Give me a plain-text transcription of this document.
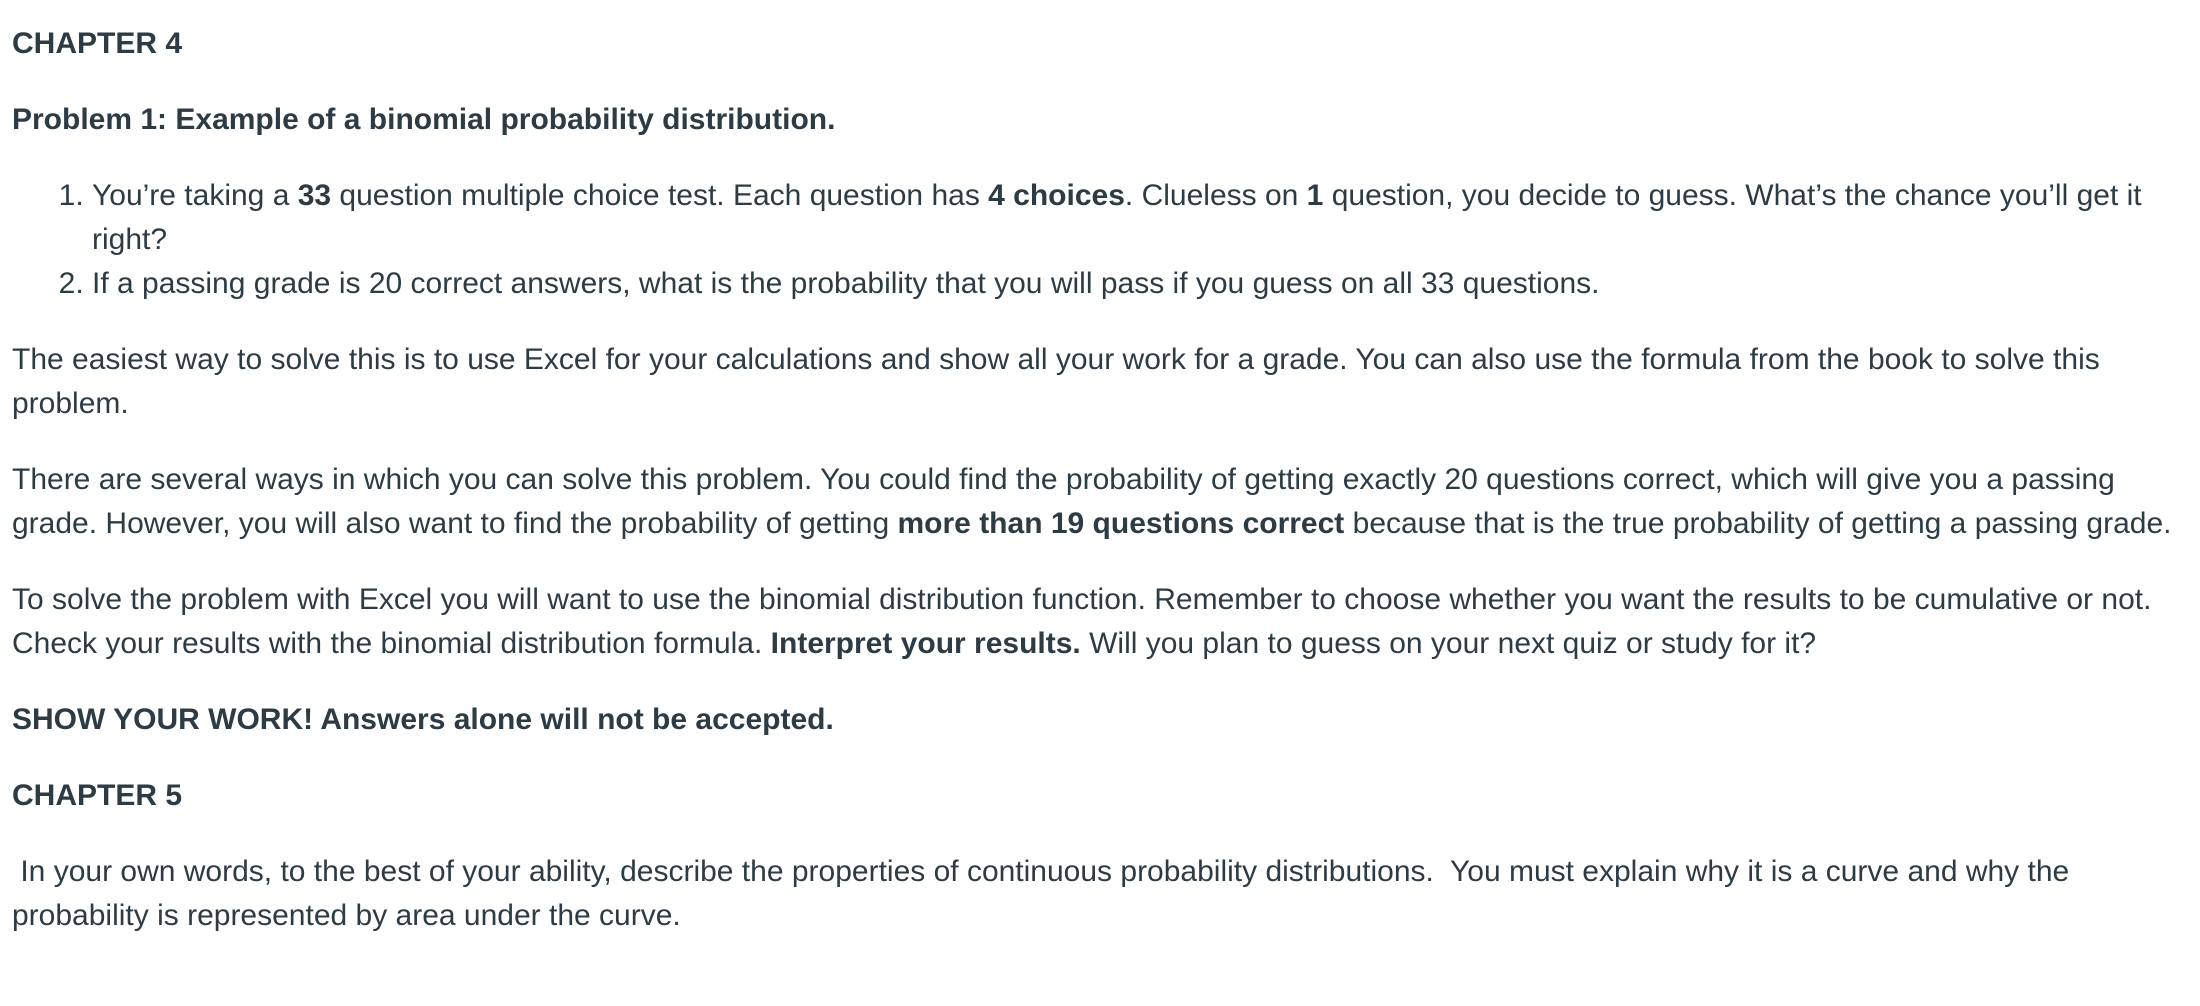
CHAPTER 4

Problem 1: Example of a binomial probability distribution.

1. You’re taking a 33 question multiple choice test. Each question has 4 choices. Clueless on 1 question, you decide to guess. What’s the chance you’ll get it right?
2. If a passing grade is 20 correct answers, what is the probability that you will pass if you guess on all 33 questions.

The easiest way to solve this is to use Excel for your calculations and show all your work for a grade. You can also use the formula from the book to solve this problem.

There are several ways in which you can solve this problem. You could find the probability of getting exactly 20 questions correct, which will give you a passing grade. However, you will also want to find the probability of getting more than 19 questions correct because that is the true probability of getting a passing grade.

To solve the problem with Excel you will want to use the binomial distribution function. Remember to choose whether you want the results to be cumulative or not. Check your results with the binomial distribution formula. Interpret your results. Will you plan to guess on your next quiz or study for it?

SHOW YOUR WORK! Answers alone will not be accepted.

CHAPTER 5

In your own words, to the best of your ability, describe the properties of continuous probability distributions.  You must explain why it is a curve and why the probability is represented by area under the curve.
